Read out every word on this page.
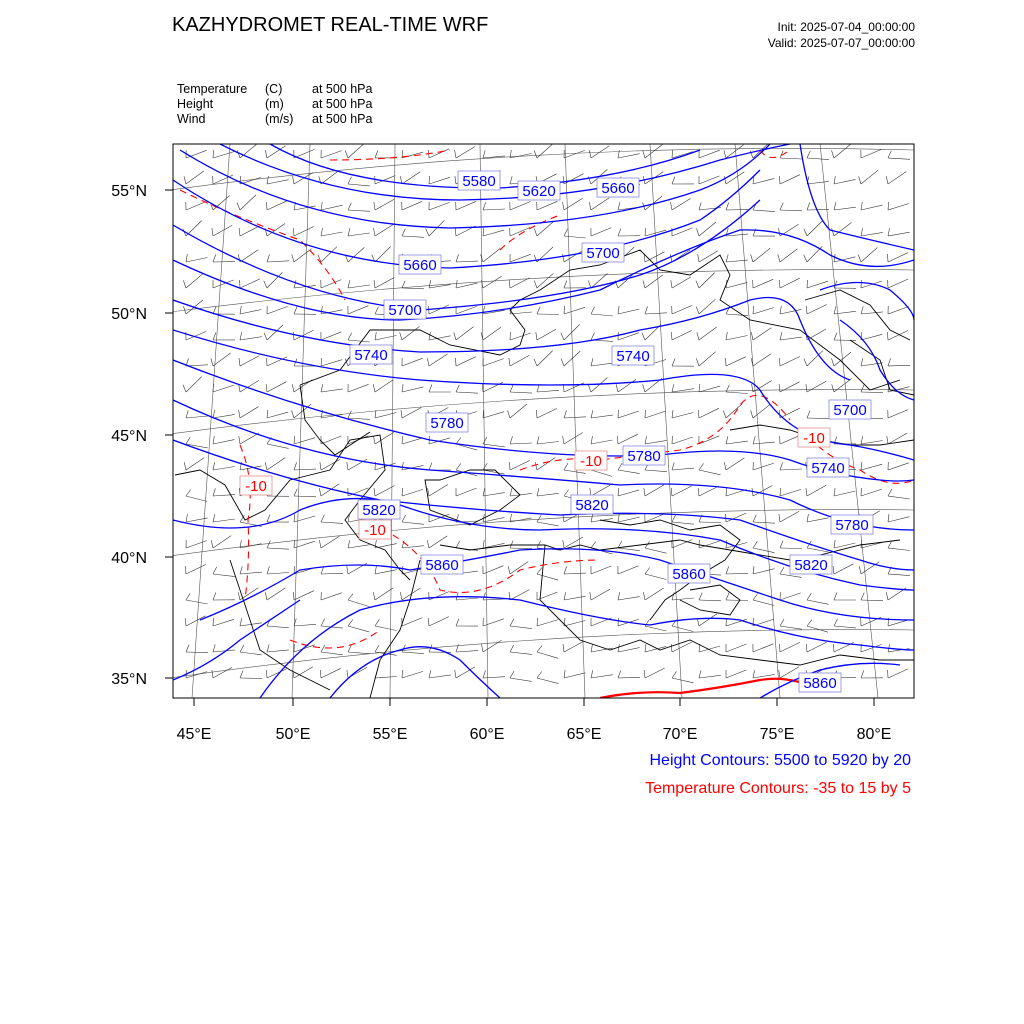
KAZHYDROMET REAL-TIME WRF	Init: 2025-07-04_00:00:00
Valid: 2025-07-07_00:00:00
Temperature (C) at 500 hPa
Height	(m) at 500 hPa
Wind	(m/s) at 500 hPa
5580
5620	5660
5660
5700
5700
5740	5740
5780
5780
5820	5820
5860
5860
5700
5740
5780
5820
5860
-10
-10
-10
-10
45°E	50°E	55°E	60°E	65°E	70°E	75°E	80°E
55°N
50°N
45°N
40°N
35°N
Height Contours: 5500 to 5920 by 20
Temperature Contours: -35 to 15 by 5
